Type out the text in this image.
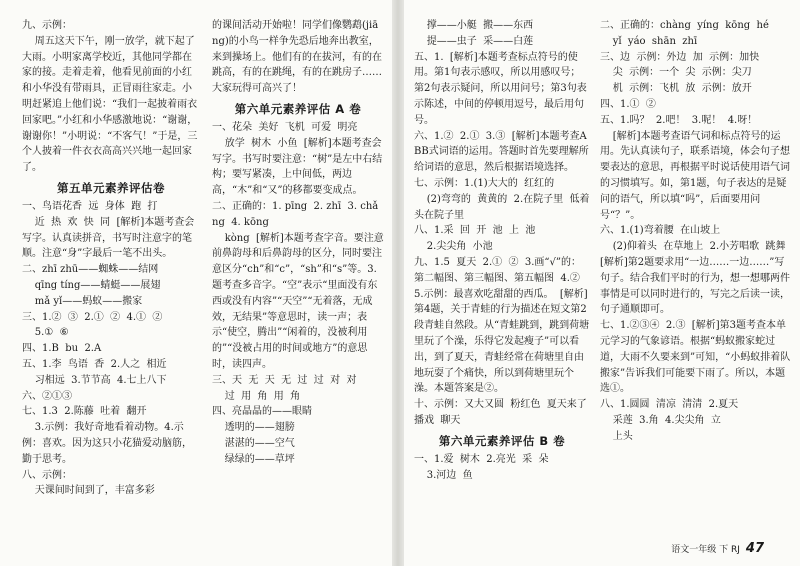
九、示例：
周五这天下午，刚一放学，就下起了大雨。小明家离学校近，其他同学都在家的接。走着走着，他看见前面的小红和小华没有带雨具，正冒雨往家走。小明赶紧追上他们说：“我们一起披着雨衣回家吧。”小红和小华感激地说：“谢谢，谢谢你！”小明说：“不客气！”于是，三个人披着一件衣衣高高兴兴地一起回家了。

第五单元素养评估卷

一、鸟语花香  远  身体  跑  打
近  热  欢  快  同  [解析]本题考查会写字。认真读拼音，书写时注意字的笔顺。注意“身”字最后一笔不出头。
二、zhī zhū——蜘蛛——结网
qīng tíng——蜻蜓——展翅
mǎ yǐ——蚂蚁——搬家
三、1.②  ③  2.①  ②  4.①  ②
5.①  ⑥
四、1.B  bu  2.A
五、1.李  鸟语  香  2.人之  相近
习相远  3.节节高  4.七上八下
六、②①③
七、1.3  2.陈藤  吐着  翻开
3.示例：我好奇地看着动物。4.示例：喜欢。因为这只小花猫爱动脑筋，勤于思考。
八、示例：
天课间时间到了，丰富多彩

的课间活动开始啦！同学们像鹦鹉(jiāng)的小鸟一样争先恐后地奔出教室，来到操场上。他们有的在拔河，有的在跳高，有的在跳绳，有的在跳房子……大家玩得可高兴了！

第六单元素养评估 A 卷

一、花朵  美好  飞机  可爱  明亮
放学  树木  小鱼  [解析]本题考查会写字。书写时要注意：“树”是左中右结构；要写紧凑，上中间低，两边高，“木”和“又”的移都要变成点。
二、正确的：1. pīng  2. zhī  3. chǎng  4. kōng
kòng  [解析]本题考查字音。要注意前鼻韵母和后鼻韵母的区分，同时要注意区分“ch”和“c”，“sh”和“s”等。3.题考查多音字。“空”表示“里面没有东西或没有内容”“天空”“无着落，无成效，无结果”等意思时，读一声；表示“使空，腾出”“闲着的，没被利用的”“没被占用的时间或地方”的意思时，读四声。
三、天  无  天  无  过  过  对  对
过  用  角  用  角
四、亮晶晶的——眼睛
透明的——翅膀
湛湛的——空气
绿绿的——草坪

撑——小艇  搬——东西
提——虫子  采——白莲
五、1.  [解析]本题考查标点符号的使用。第1句表示感叹，所以用感叹号；第2句表示疑问，所以用问号；第3句表示陈述，中间的停顿用逗号，最后用句号。
六、1.②  2.①  3.③  [解析]本题考查ABB式词语的运用。答题时首先要理解所给词语的意思，然后根据语境选择。
七、示例：1.(1)大大的  红红的
(2)弯弯的  黄黄的  2.在院子里  低着头在院子里
八、1.采  回  开  池  上  池
2.尖尖角  小池
九、1.5  夏天  2.①  ②  3.画“√”的：第二幅图、第三幅图、第五幅图  4.②  5.示例：最喜欢吃甜甜的西瓜。  [解析]第4题，关于青蛙的行为描述在短文第2段青蛙自然段。从“青蛙跳到，跳到荷塘里玩了个澡，乐得它发起瘦子”可以看出，到了夏天，青蛙经常在荷塘里自由地玩耍了个痛快，所以到荷塘里玩个澡。本题答案是②。
十、示例：又大又圆  粉红色  夏天来了  播戏  聊天

第六单元素养评估 B 卷

一、1.爱  树木  2.亮光  采  朵
3.河边  鱼

二、正确的：chàng  yíng  kōng  hé
yǐ  yáo  shān  zhī
三、边  示例：外边  加  示例：加快
尖  示例：一个  尖  示例：尖刀
机  示例：飞机  放  示例：放开
四、1.①  ②
五、1.吗？  2.吧！  3.呢！  4.呀！
[解析]本题考查语气词和标点符号的运用。先认真读句子，联系语境，体会句子想要表达的意思，再根据平时说话使用语气词的习惯填写。如，第1题，句子表达的是疑问的语气，所以填“吗”，后面要用问号“？”。
六、1.(1)弯着腰  在山坡上
(2)仰着头  在草地上  2.小芳唱歌  跳舞  [解析]第2题要求用“一边……一边……”写句子。结合我们平时的行为，想一想哪两件事情是可以同时进行的，写完之后读一读，句子通顺即可。
七、1.②③④  2.③  [解析]第3题考查本单元学习的气象谚语。根据“蚂蚁搬家蛇过道，大雨不久要来到”可知，“小蚂蚁排着队搬家”告诉我们可能要下雨了。所以，本题选①。
八、1.圆圆  清凉  清清  2.夏天
采莲  3.角  4.尖尖角  立
上头

语文一年级 下 RJ 47
